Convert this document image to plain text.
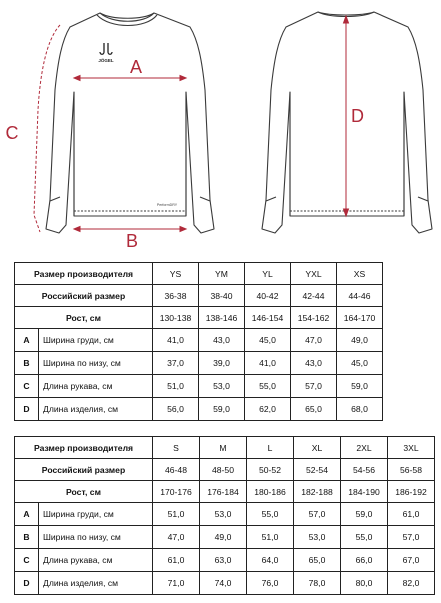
JÖGEL
PerformDRY
A
B
C
D
Размер производителя		YS	YM	YL	YXL	XS	
Российский размер		36-38	38-40	40-42	42-44	44-46	
Рост, см		130-138	138-146	146-154	154-162	164-170	
A	Ширина груди, см	41,0	43,0	45,0	47,0	49,0	
B	Ширина по низу, см	37,0	39,0	41,0	43,0	45,0	
C	Длина рукава, см	51,0	53,0	55,0	57,0	59,0	
D	Длина изделия, см	56,0	59,0	62,0	65,0	68,0	
Размер производителя		S	M	L	XL	2XL	3XL
Российский размер		46-48	48-50	50-52	52-54	54-56	56-58
Рост, см		170-176	176-184	180-186	182-188	184-190	186-192
A	Ширина груди, см	51,0	53,0	55,0	57,0	59,0	61,0
B	Ширина по низу, см	47,0	49,0	51,0	53,0	55,0	57,0
C	Длина рукава, см	61,0	63,0	64,0	65,0	66,0	67,0
D	Длина изделия, см	71,0	74,0	76,0	78,0	80,0	82,0
